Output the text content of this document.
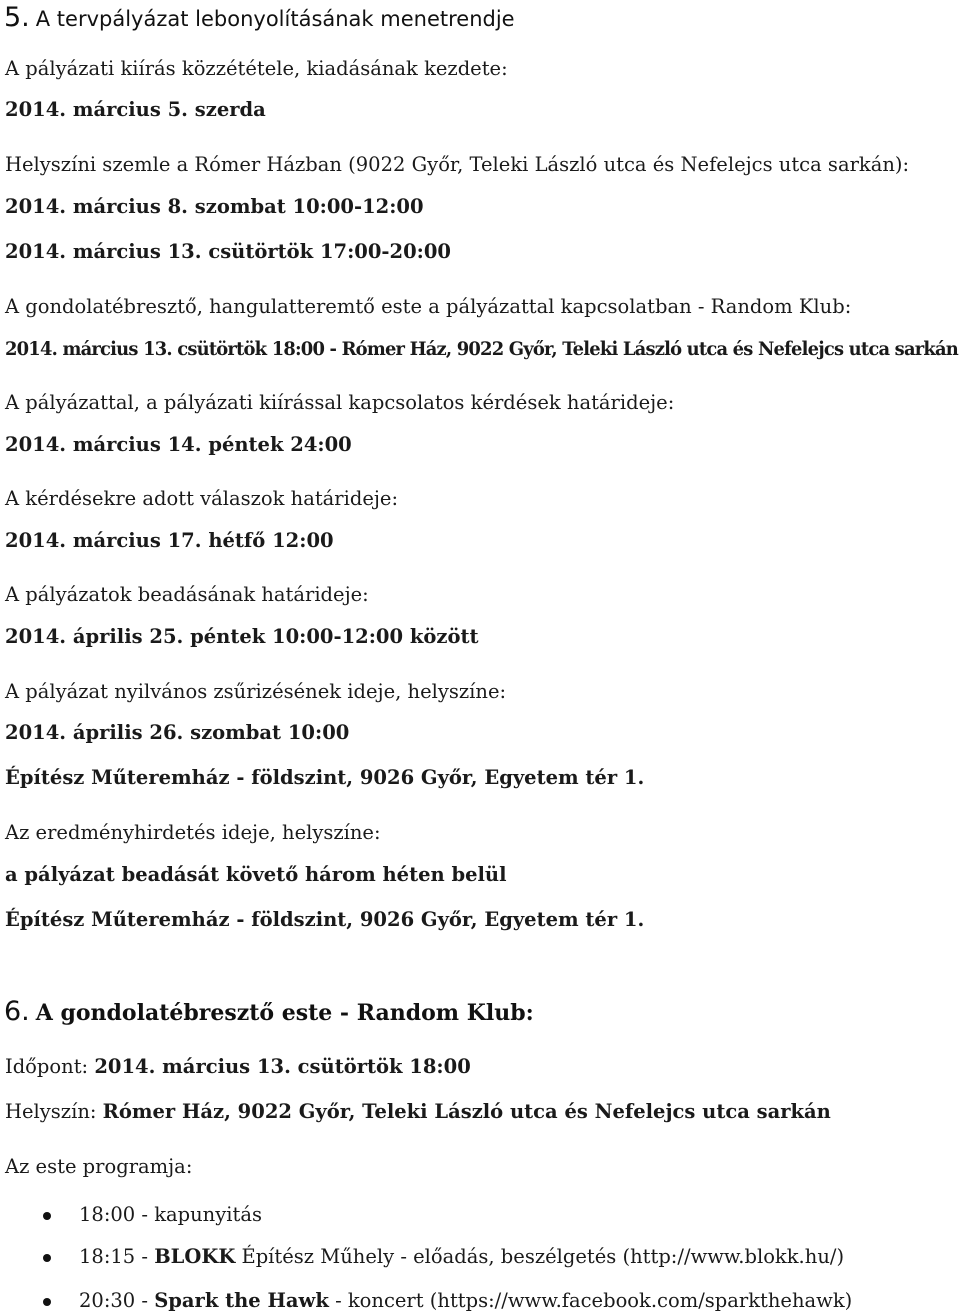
5. A tervpályázat lebonyolításának menetrendje
A pályázati kiírás közzététele, kiadásának kezdete:
2014. március 5. szerda
Helyszíni szemle a Rómer Házban (9022 Győr, Teleki László utca és Nefelejcs utca sarkán):
2014. március 8. szombat 10:00-12:00
2014. március 13. csütörtök 17:00-20:00
A gondolatébresztő, hangulatteremtő este a pályázattal kapcsolatban - Random Klub:
2014. március 13. csütörtök 18:00 - Rómer Ház, 9022 Győr, Teleki László utca és Nefelejcs utca sarkán
A pályázattal, a pályázati kiírással kapcsolatos kérdések határideje:
2014. március 14. péntek 24:00
A kérdésekre adott válaszok határideje:
2014. március 17. hétfő 12:00
A pályázatok beadásának határideje:
2014. április 25. péntek 10:00-12:00 között
A pályázat nyilvános zsűrizésének ideje, helyszíne:
2014. április 26. szombat 10:00
Építész Műteremház - földszint, 9026 Győr, Egyetem tér 1.
Az eredményhirdetés ideje, helyszíne:
a pályázat beadását követő három héten belül
Építész Műteremház - földszint, 9026 Győr, Egyetem tér 1.
6. A gondolatébresztő este - Random Klub:
Időpont: 2014. március 13. csütörtök 18:00
Helyszín: Rómer Ház, 9022 Győr, Teleki László utca és Nefelejcs utca sarkán
Az este programja:
18:00 - kapunyitás
18:15 - BLOKK Építész Műhely - előadás, beszélgetés (http://www.blokk.hu/)
20:30 - Spark the Hawk - koncert (https://www.facebook.com/sparkthehawk)
